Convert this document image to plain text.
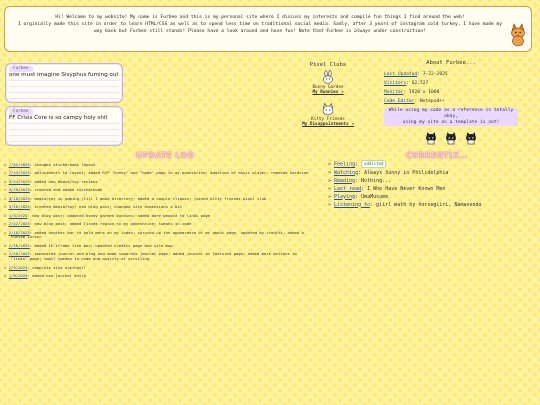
Hi! Welcome to my website! My name is Furbee and this is my personal site where I discuss my interests and compile fun things I find around the web!
I orginially made this site in order to learn HTML/CSS as well as to spend less time on traditional social media. Sadly, after 3 years of instagram cold turkey, I have made my way back but Furbee still stands! Please have a look around and have fun! Note that Furbee is always under construction!
Furbee
one must imagine Sisyphus fuming out
Furbee
FF Crisis Core is so campy holy shit
Pixel Clubs
Bunny Garden
My Bunnies ↗
Kitty Friends
My Disappointments ↗
About Furbee...
Last Updated: 7-22-2025
Visitors: 62,527
Monitor: 1920 x 1080
Code Editor: Notepad++
While using my code as a reference is totally okay,
using my site as a template is not!
UPDATE LOG
» 7/22/2025: changed stickerbook layout
» 7/23/2025: adjustments to layout; added RCP "honey" and "home" page to my pokeshrine; addition of music player; removed hardvine
» 3/24/2025: added new media/toy reviews
» 3/20/2025: created and added stickerbook
» 3/18/2025: media/toy in gaming (till I make directory; added a couple cliques; joined kitty friends pixel club
» 3/16/2025: created media/toy; new blog post; changed site dimensions a bit
» 3/3/2025: new blog post; adopted honey garden bunnies; added more people to links page
» 2/22/2025: new blog post; added Tisnek region to my pokeshrine; tweaks in code
» 2/18/2025: added another bar to hold more on my index; spruced up the appearance of my about page, updated my credits, added a custom cursor
» 2/16/2025: added IE iframe link box; updated credits page and site map
» 2/10/2025: separated journal and blog and made separate journal page; added journal as featured page; added more buttons to "links" page; small tweaks to code and quality of scrolling
» 2/9/2024: complete site overhaul!
» 1/9/2024: added new journal entry
CURRENTLY...
» Feeling: addicted
» Watching: Always Sunny in Philidelphia
» Reading: Nothing...
» Last read: I Who Have Never Known Men
» Playing: UmaMusume
» Listening to: giirl math by horsegiirL, Namasenda
